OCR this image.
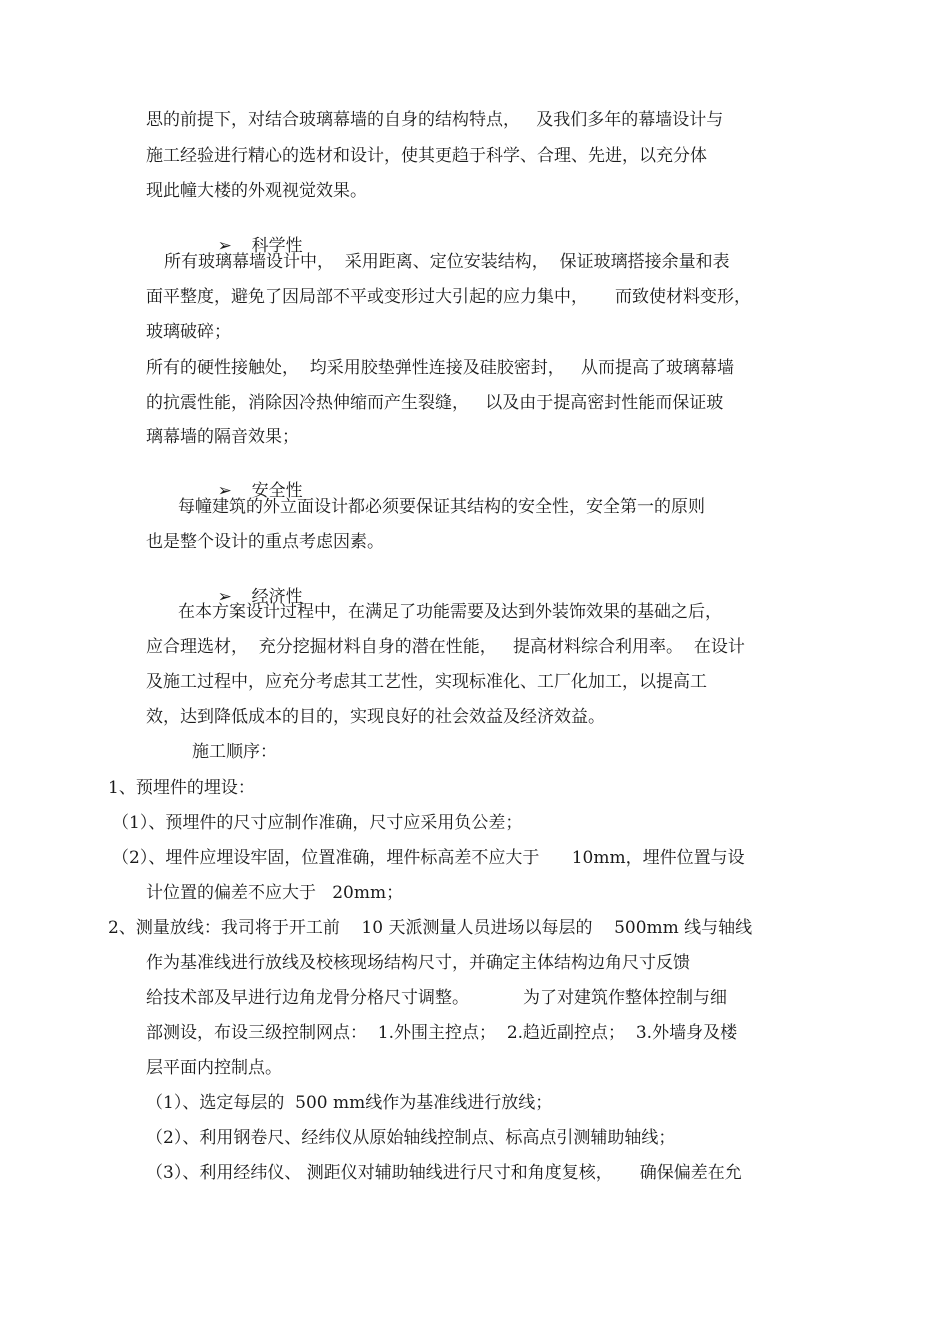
思的前提下，对结合玻璃幕墙的自身的结构特点，   及我们多年的幕墙设计与
施工经验进行精心的选材和设计，使其更趋于科学、合理、先进，以充分体
现此幢大楼的外观视觉效果。

➢ 科学性

所有玻璃幕墙设计中，  采用距离、定位安装结构，  保证玻璃搭接余量和表
面平整度，避免了因局部不平或变形过大引起的应力集中，     而致使材料变形，
玻璃破碎；
所有的硬性接触处，  均采用胶垫弹性连接及硅胶密封，   从而提高了玻璃幕墙
的抗震性能，消除因冷热伸缩而产生裂缝，   以及由于提高密封性能而保证玻
璃幕墙的隔音效果；

➢ 安全性

每幢建筑的外立面设计都必须要保证其结构的安全性，安全第一的原则
也是整个设计的重点考虑因素。

➢ 经济性

在本方案设计过程中，在满足了功能需要及达到外装饰效果的基础之后，
应合理选材，  充分挖掘材料自身的潜在性能，   提高材料综合利用率。  在设计
及施工过程中，应充分考虑其工艺性，实现标准化、工厂化加工，以提高工
效，达到降低成本的目的，实现良好的社会效益及经济效益。
施工顺序：
1、预埋件的埋设：
（1）、预埋件的尺寸应制作准确，尺寸应采用负公差；
（2）、埋件应埋设牢固，位置准确，埋件标高差不应大于      10mm，埋件位置与设
计位置的偏差不应大于   20mm；
2、测量放线：我司将于开工前    10 天派测量人员进场以每层的    500mm 线与轴线
作为基准线进行放线及校核现场结构尺寸，并确定主体结构边角尺寸反馈
给技术部及早进行边角龙骨分格尺寸调整。          为了对建筑作整体控制与细
部测设，布设三级控制网点：  1.外围主控点；  2.趋近副控点；  3.外墙身及楼
层平面内控制点。
（1）、选定每层的  500 mm线作为基准线进行放线；
（2）、利用钢卷尺、经纬仪从原始轴线控制点、标高点引测辅助轴线；
（3）、利用经纬仪、 测距仪对辅助轴线进行尺寸和角度复核，     确保偏差在允
